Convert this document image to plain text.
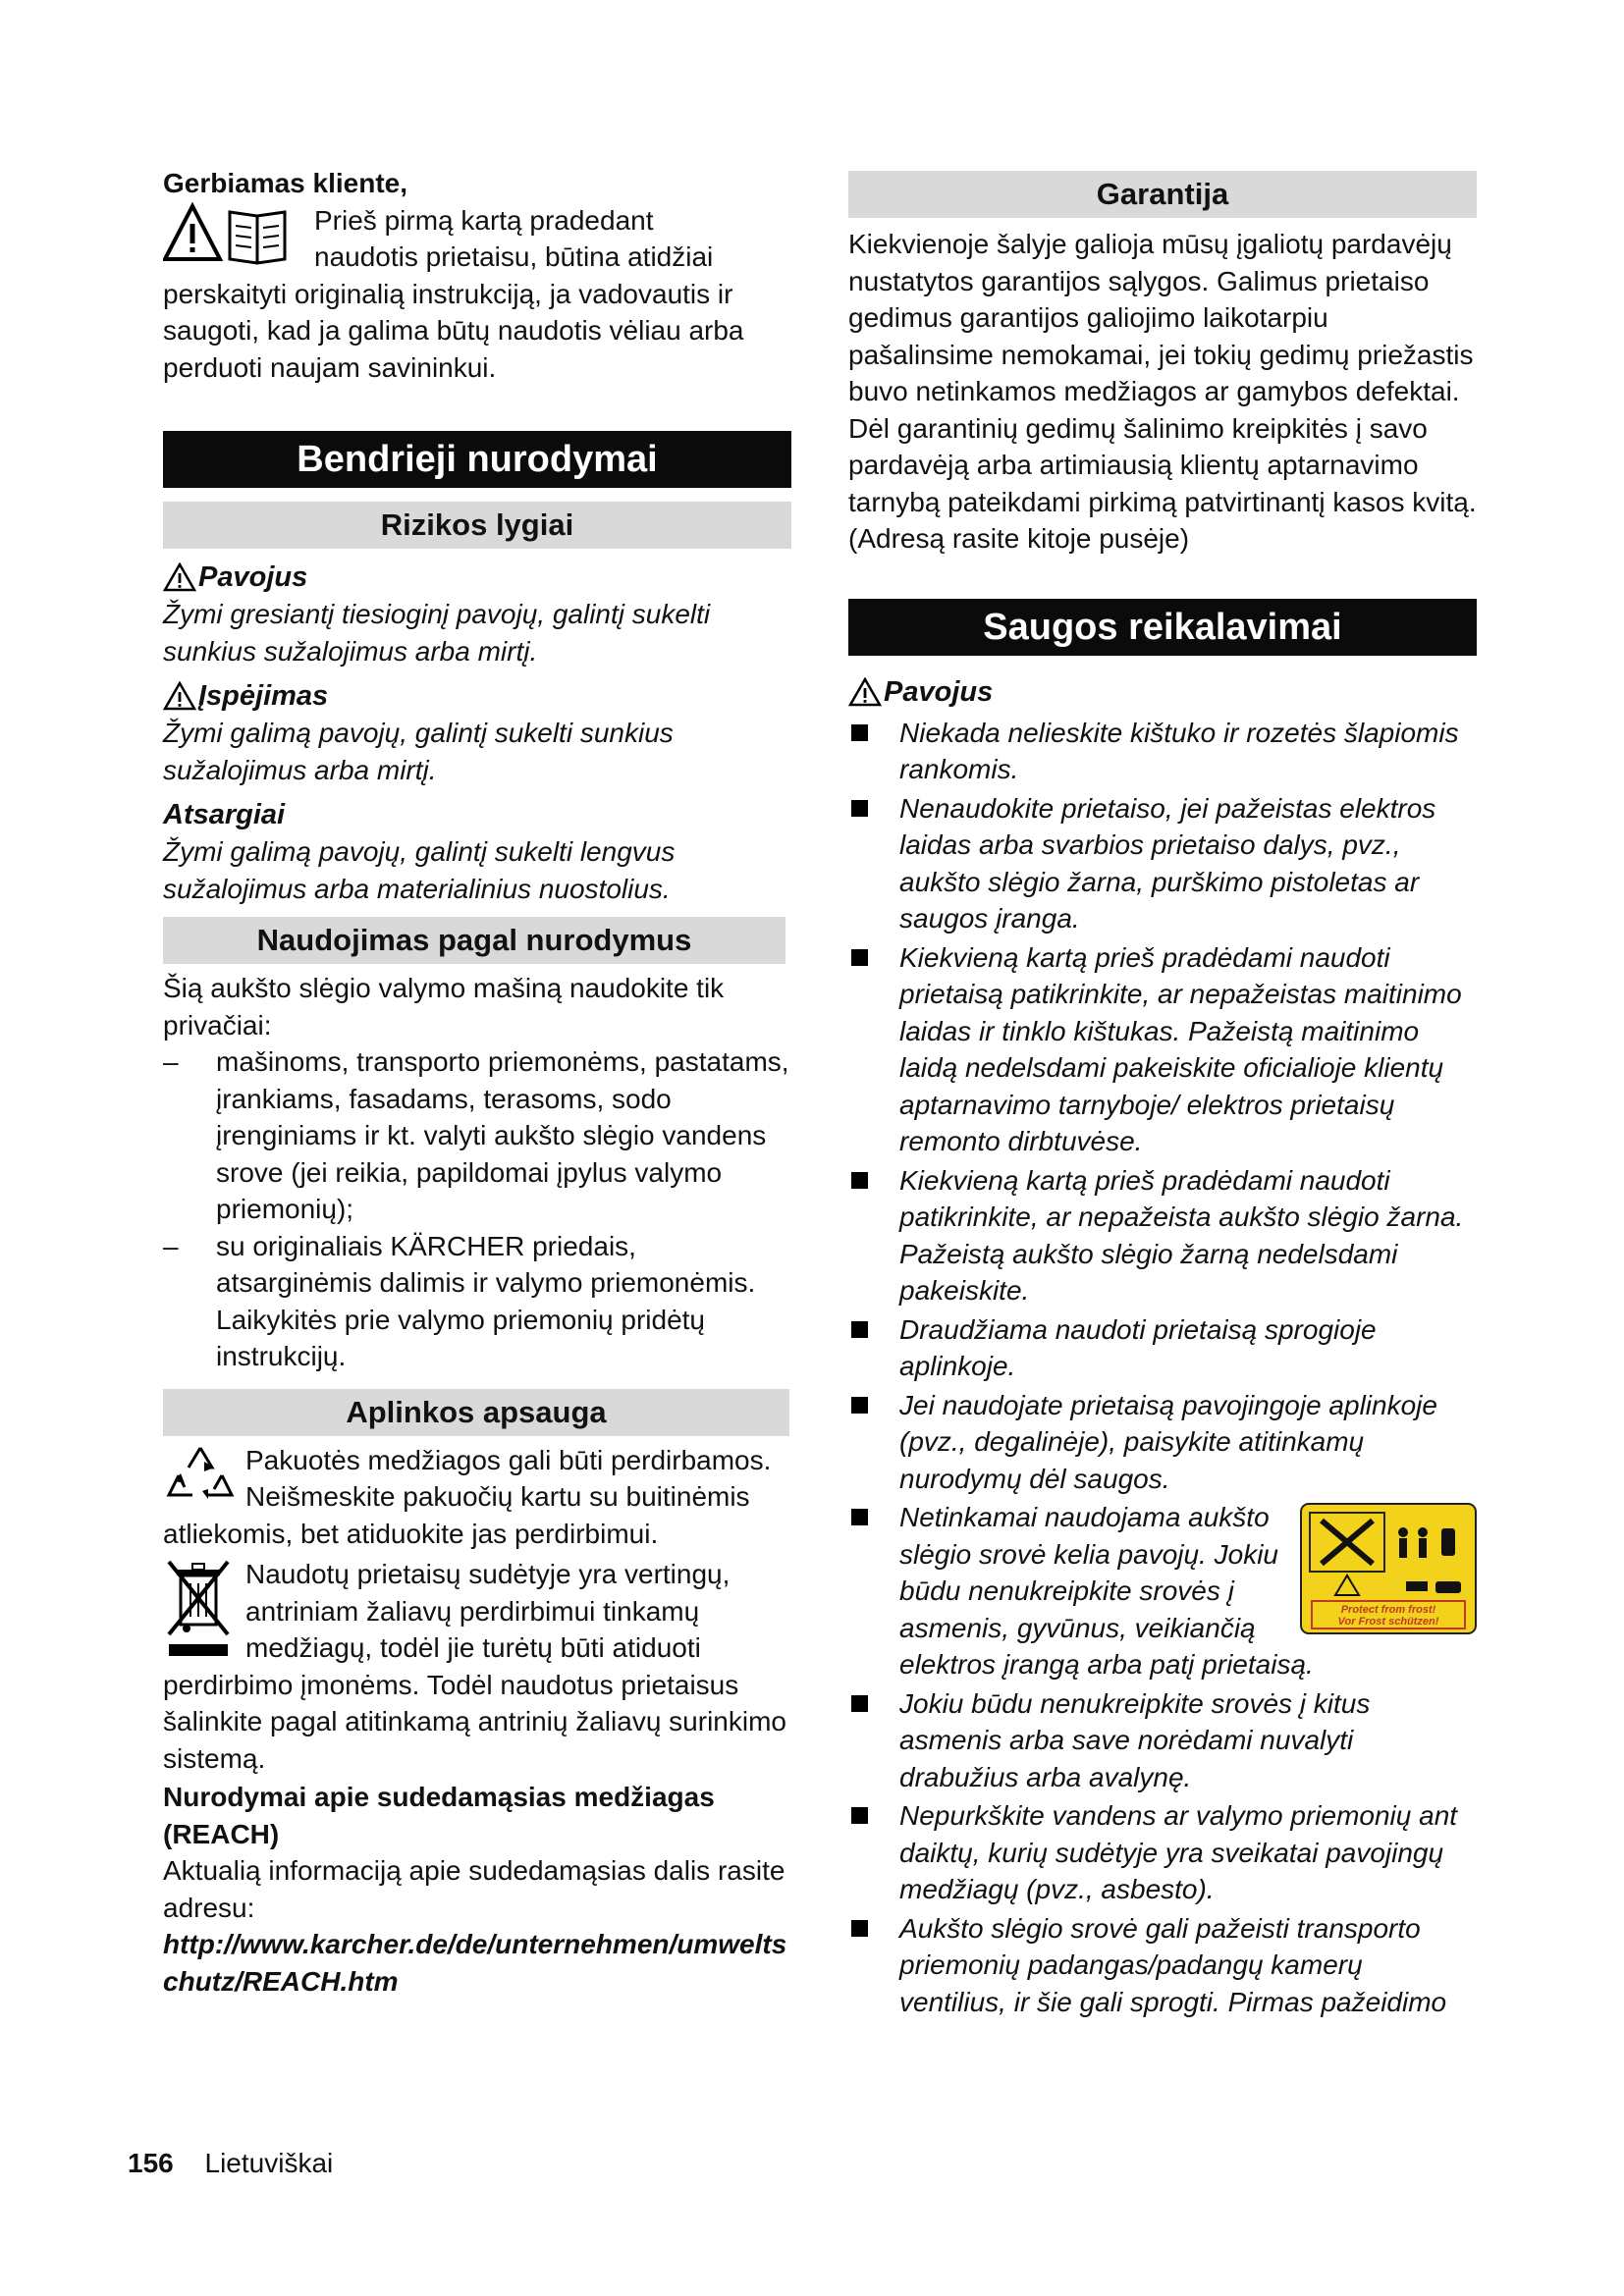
Gerbiamas kliente,

Prieš pirmą kartą pradedant

naudotis prietaisu, būtina atidžiai

perskaityti originalią instrukciją, ja vadovautis ir saugoti, kad ja galima būtų naudotis vėliau arba perduoti naujam savininkui.

Bendrieji nurodymai
Rizikos lygiai
Pavojus

Žymi gresiantį tiesioginį pavojų, galintį sukelti sunkius sužalojimus arba mirtį.

Įspėjimas

Žymi galimą pavojų, galintį sukelti sunkius sužalojimus arba mirtį.

Atsargiai

Žymi galimą pavojų, galintį sukelti lengvus sužalojimus arba materialinius nuostolius.

Naudojimas pagal nurodymus

Šią aukšto slėgio valymo mašiną naudokite tik privačiai:

– mašinoms, transporto priemonėms, pastatams, įrankiams, fasadams, terasoms, sodo įrenginiams ir kt. valyti aukšto slėgio vandens srove (jei reikia, papildomai įpylus valymo priemonių);
– su originaliais KÄRCHER priedais, atsarginėmis dalimis ir valymo priemonėmis. Laikykitės prie valymo priemonių pridėtų instrukcijų.
Aplinkos apsauga

Pakuotės medžiagos gali būti perdirbamos. Neišmeskite pakuočių kartu su buitinėmis atliekomis, bet atiduokite jas perdirbimui.

Naudotų prietaisų sudėtyje yra vertingų, antriniam žaliavų perdirbimui tinkamų medžiagų, todėl jie turėtų būti atiduoti perdirbimo įmonėms. Todėl naudotus prietaisus šalinkite pagal atitinkamą antrinių žaliavų surinkimo sistemą.

Nurodymai apie sudedamąsias medžiagas (REACH)

Aktualią informaciją apie sudedamąsias dalis rasite adresu:

http://www.karcher.de/de/unternehmen/umweltschutz/REACH.htm

Garantija

Kiekvienoje šalyje galioja mūsų įgaliotų pardavėjų nustatytos garantijos sąlygos. Galimus prietaiso gedimus garantijos galiojimo laikotarpiu pašalinsime nemokamai, jei tokių gedimų priežastis buvo netinkamos medžiagos ar gamybos defektai. Dėl garantinių gedimų šalinimo kreipkitės į savo pardavėją arba artimiausią klientų aptarnavimo tarnybą pateikdami pirkimą patvirtinantį kasos kvitą. (Adresą rasite kitoje pusėje)

Saugos reikalavimai
Pavojus
Niekada nelieskite kištuko ir rozetės šlapiomis rankomis.
Nenaudokite prietaiso, jei pažeistas elektros laidas arba svarbios prietaiso dalys, pvz., aukšto slėgio žarna, purškimo pistoletas ar saugos įranga.
Kiekvieną kartą prieš pradėdami naudoti prietaisą patikrinkite, ar nepažeistas maitinimo laidas ir tinklo kištukas. Pažeistą maitinimo laidą nedelsdami pakeiskite oficialioje klientų aptarnavimo tarnyboje/ elektros prietaisų remonto dirbtuvėse.
Kiekvieną kartą prieš pradėdami naudoti patikrinkite, ar nepažeista aukšto slėgio žarna. Pažeistą aukšto slėgio žarną nedelsdami pakeiskite.
Draudžiama naudoti prietaisą sprogioje aplinkoje.
Jei naudojate prietaisą pavojingoje aplinkoje (pvz., degalinėje), paisykite atitinkamų nurodymų dėl saugos.
Protect from frost!
Vor Frost schützen!
Netinkamai naudojama aukšto slėgio srovė kelia pavojų. Jokiu būdu nenukreipkite srovės į asmenis, gyvūnus, veikiančią elektros įrangą arba patį prietaisą.
Jokiu būdu nenukreipkite srovės į kitus asmenis arba save norėdami nuvalyti drabužius arba avalynę.
Nepurkškite vandens ar valymo priemonių ant daiktų, kurių sudėtyje yra sveikatai pavojingų medžiagų (pvz., asbesto).
Aukšto slėgio srovė gali pažeisti transporto priemonių padangas/padangų kamerų ventilius, ir šie gali sprogti. Pirmas pažeidimo
156 Lietuviškai
